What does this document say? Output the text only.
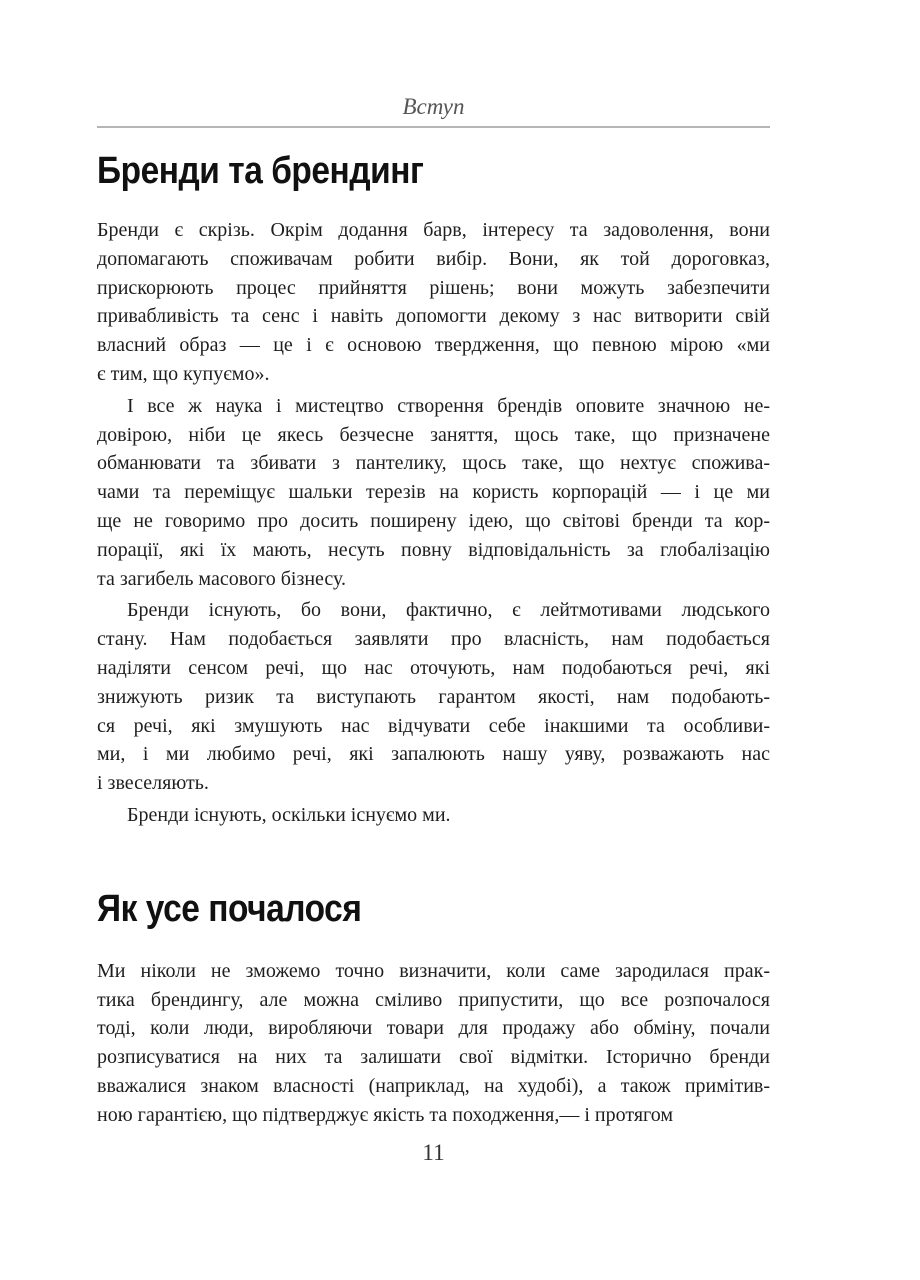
Вступ
Бренди та брендинг
Бренди є скрізь. Окрім додання барв, інтересу та задоволення, вони
допомагають споживачам робити вибір. Вони, як той дороговказ,
прискорюють процес прийняття рішень; вони можуть забезпечити
привабливість та сенс і навіть допомогти декому з нас витворити свій
власний образ — це і є основою твердження, що певною мірою «ми
є тим, що купуємо».
І все ж наука і мистецтво створення брендів оповите значною не-
довірою, ніби це якесь безчесне заняття, щось таке, що призначене
обманювати та збивати з пантелику, щось таке, що нехтує спожива-
чами та переміщує шальки терезів на користь корпорацій — і це ми
ще не говоримо про досить поширену ідею, що світові бренди та кор-
порації, які їх мають, несуть повну відповідальність за глобалізацію
та загибель масового бізнесу.
Бренди існують, бо вони, фактично, є лейтмотивами людського
стану. Нам подобається заявляти про власність, нам подобається
наділяти сенсом речі, що нас оточують, нам подобаються речі, які
знижують ризик та виступають гарантом якості, нам подобають-
ся речі, які змушують нас відчувати себе інакшими та особливи-
ми, і ми любимо речі, які запалюють нашу уяву, розважають нас
і звеселяють.
Бренди існують, оскільки існуємо ми.
Як усе почалося
Ми ніколи не зможемо точно визначити, коли саме зародилася прак-
тика брендингу, але можна сміливо припустити, що все розпочалося
тоді, коли люди, виробляючи товари для продажу або обміну, почали
розписуватися на них та залишати свої відмітки. Історично бренди
вважалися знаком власності (наприклад, на худобі), а також примітив-
ною гарантією, що підтверджує якість та походження,— і протягом
11
